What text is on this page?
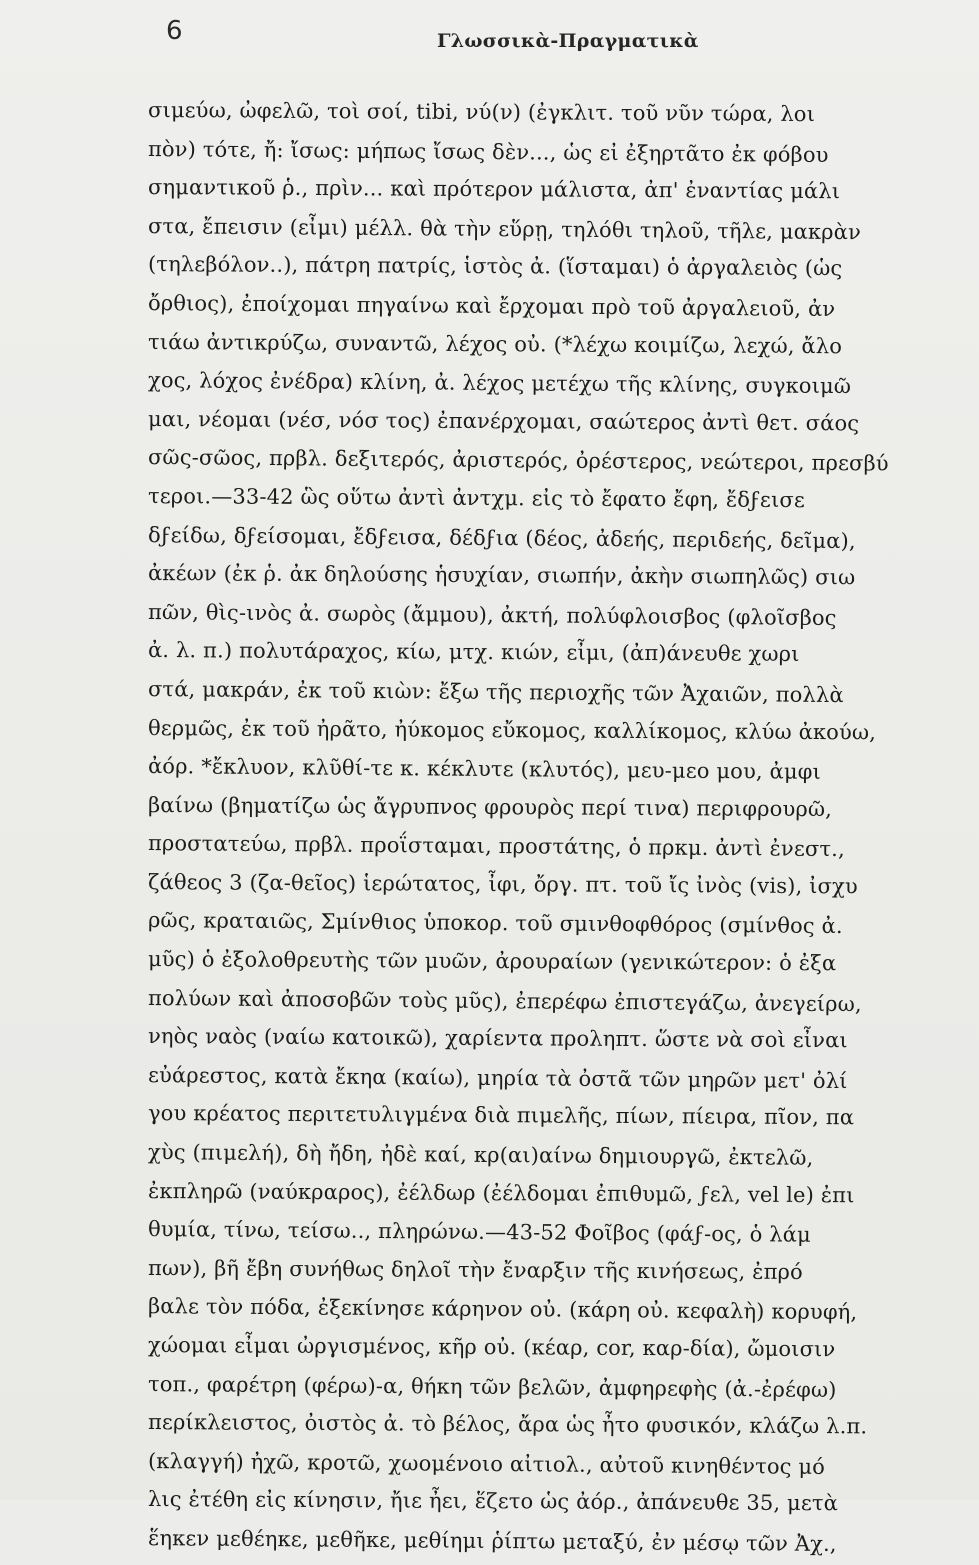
6	Γλωσσικὰ-Πραγματικὰ
σιμεύω, ὠφελῶ, τοὶ σοί, tibi, νύ(ν) (ἐγκλιτ. τοῦ νῦν τώρα, λοι
πὸν) τότε, ἤ: ἴσως: μήπως ἴσως δὲν..., ὡς εἰ ἐξηρτᾶτο ἐκ φόβου
σημαντικοῦ ῥ., πρὶν... καὶ πρότερον μάλιστα, ἀπ' ἐναντίας μάλι
στα, ἔπεισιν (εἶμι) μέλλ. θὰ τὴν εὕρῃ, τηλόθι τηλοῦ, τῆλε, μακρὰν
(τηλεβόλον..), πάτρη πατρίς, ἱστὸς ἀ. (ἵσταμαι) ὁ ἀργαλειὸς (ὡς
ὄρθιος), ἐποίχομαι πηγαίνω καὶ ἔρχομαι πρὸ τοῦ ἀργαλειοῦ, ἀν
τιάω ἀντικρύζω, συναντῶ, λέχος οὐ. (*λέχω κοιμίζω, λεχώ, ἄλο
χος, λόχος ἐνέδρα) κλίνη, ἀ. λέχος μετέχω τῆς κλίνης, συγκοιμῶ
μαι, νέομαι (νέσ, νόσ τος) ἐπανέρχομαι, σαώτερος ἀντὶ θετ. σάος
σῶς-σῶος, πρβλ. δεξιτερός, ἀριστερός, ὀρέστερος, νεώτεροι, πρεσβύ
τεροι.—33-42 ὣς οὕτω ἀντὶ ἀντχμ. εἰς τὸ ἔφατο ἔφη, ἔδϝεισε
δϝείδω, δϝείσομαι, ἔδϝεισα, δέδϝια (δέος, ἀδεής, περιδεής, δεῖμα),
ἀκέων (ἐκ ῥ. ἀκ δηλούσης ἡσυχίαν, σιωπήν, ἀκὴν σιωπηλῶς) σιω
πῶν, θὶς-ινὸς ἀ. σωρὸς (ἄμμου), ἀκτή, πολύφλοισβος (φλοῖσβος
ἀ. λ. π.) πολυτάραχος, κίω, μτχ. κιών, εἶμι, (ἀπ)άνευθε χωρι
στά, μακράν, ἐκ τοῦ κιὼν: ἔξω τῆς περιοχῆς τῶν Ἀχαιῶν, πολλὰ
θερμῶς, ἐκ τοῦ ἠρᾶτο, ἠύκομος εὔκομος, καλλίκομος, κλύω ἀκούω,
ἀόρ. *ἔκλυον, κλῦθί-τε κ. κέκλυτε (κλυτός), μευ-μεο μου, ἀμφι
βαίνω (βηματίζω ὡς ἄγρυπνος φρουρὸς περί τινα) περιφρουρῶ,
προστατεύω, πρβλ. προΐσταμαι, προστάτης, ὁ πρκμ. ἀντὶ ἐνεστ.,
ζάθεος 3 (ζα-θεῖος) ἱερώτατος, ἶφι, ὄργ. πτ. τοῦ ἴς ἰνὸς (vis), ἰσχυ
ρῶς, κραταιῶς, Σμίνθιος ὑποκορ. τοῦ σμινθοφθόρος (σμίνθος ἀ.
μῦς) ὁ ἐξολοθρευτὴς τῶν μυῶν, ἀρουραίων (γενικώτερον: ὁ ἐξα
πολύων καὶ ἀποσοβῶν τοὺς μῦς), ἐπερέφω ἐπιστεγάζω, ἀνεγείρω,
νηὸς ναὸς (ναίω κατοικῶ), χαρίεντα προληπτ. ὥστε νὰ σοὶ εἶναι
εὐάρεστος, κατὰ ἔκηα (καίω), μηρία τὰ ὀστᾶ τῶν μηρῶν μετ' ὀλί
γου κρέατος περιτετυλιγμένα διὰ πιμελῆς, πίων, πίειρα, πῖον, πα
χὺς (πιμελή), δὴ ἤδη, ἠδὲ καί, κρ(αι)αίνω δημιουργῶ, ἐκτελῶ,
ἐκπληρῶ (ναύκραρος), ἐέλδωρ (ἐέλδομαι ἐπιθυμῶ, ϝελ, vel le) ἐπι
θυμία, τίνω, τείσω.., πληρώνω.—43-52 Φοῖβος (φάϝ-ος, ὁ λάμ
πων), βῆ ἔβη συνήθως δηλοῖ τὴν ἔναρξιν τῆς κινήσεως, ἐπρό
βαλε τὸν πόδα, ἐξεκίνησε κάρηνον οὐ. (κάρη οὐ. κεφαλὴ) κορυφή,
χώομαι εἶμαι ὠργισμένος, κῆρ οὐ. (κέαρ, cor, καρ-δία), ὤμοισιν
τοπ., φαρέτρη (φέρω)-α, θήκη τῶν βελῶν, ἀμφηρεφὴς (ἀ.-ἐρέφω)
περίκλειστος, ὀιστὸς ἀ. τὸ βέλος, ἄρα ὡς ἦτο φυσικόν, κλάζω λ.π.
(κλαγγή) ἠχῶ, κροτῶ, χωομένοιο αἰτιολ., αὐτοῦ κινηθέντος μό
λις ἐτέθη εἰς κίνησιν, ἤιε ἦει, ἕζετο ὡς ἀόρ., ἀπάνευθε 35, μετὰ
ἕηκεν μεθέηκε, μεθῆκε, μεθίημι ῥίπτω μεταξύ, ἐν μέσῳ τῶν Ἀχ.,
